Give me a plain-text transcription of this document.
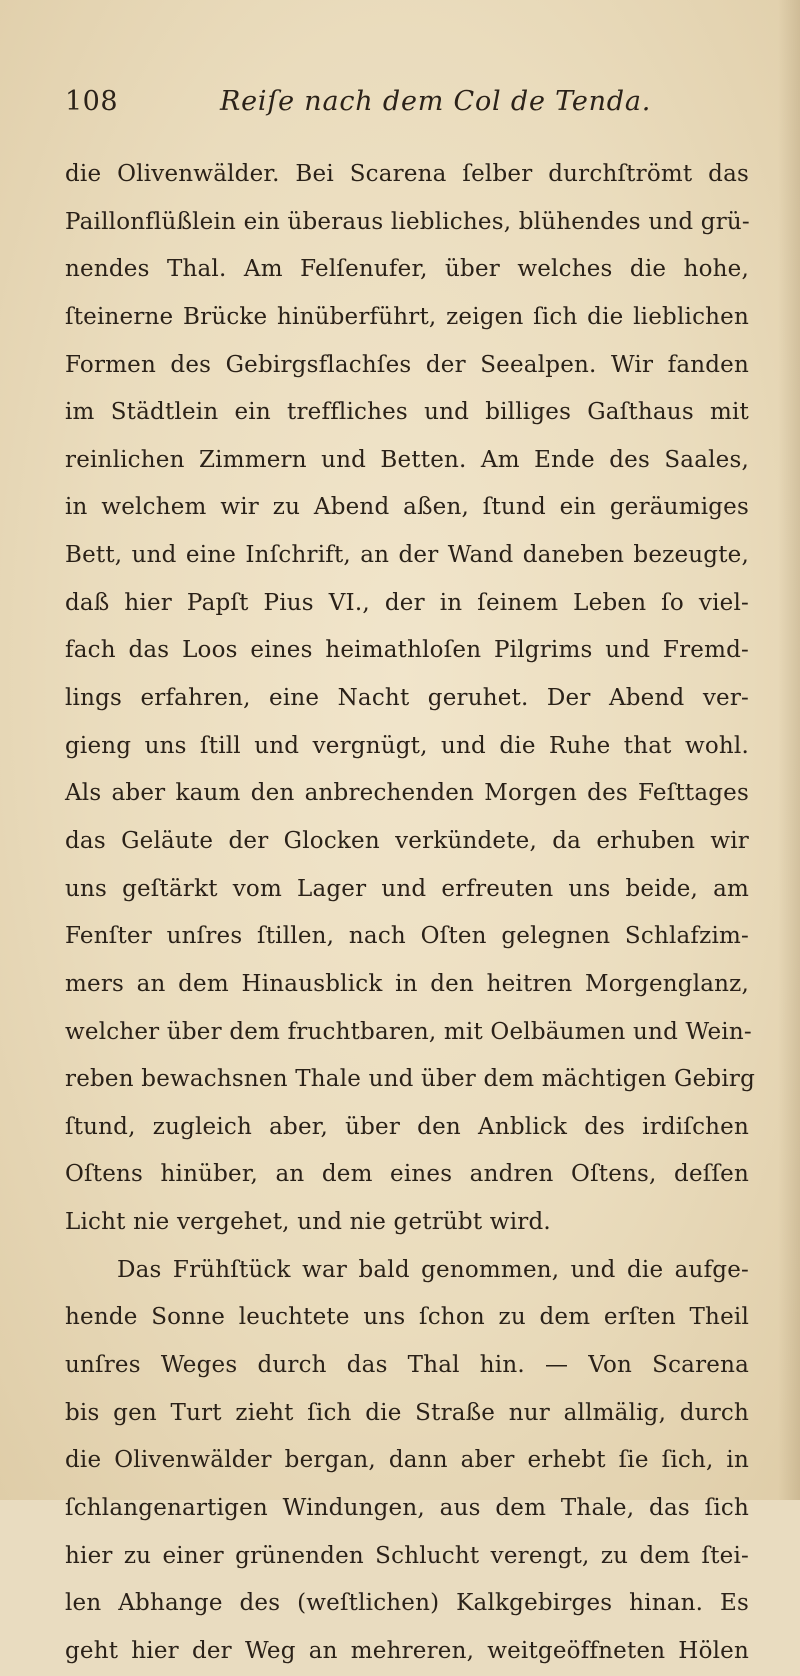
108	Reiſe nach dem Col de Tenda.
die Olivenwälder. Bei Scarena ſelber durchſtrömt das
Paillonflüßlein ein überaus liebliches, blühendes und grü-
nendes Thal. Am Felſenufer, über welches die hohe,
ſteinerne Brücke hinüberführt, zeigen ſich die lieblichen
Formen des Gebirgsflachſes der Seealpen. Wir fanden
im Städtlein ein treffliches und billiges Gaſthaus mit
reinlichen Zimmern und Betten. Am Ende des Saales,
in welchem wir zu Abend aßen, ſtund ein geräumiges
Bett, und eine Inſchrift, an der Wand daneben bezeugte,
daß hier Papſt Pius VI., der in ſeinem Leben ſo viel-
fach das Loos eines heimathloſen Pilgrims und Fremd-
lings erfahren, eine Nacht geruhet. Der Abend ver-
gieng uns ſtill und vergnügt, und die Ruhe that wohl.
Als aber kaum den anbrechenden Morgen des Feſttages
das Geläute der Glocken verkündete, da erhuben wir
uns geſtärkt vom Lager und erfreuten uns beide, am
Fenſter unſres ſtillen, nach Oſten gelegnen Schlafzim-
mers an dem Hinausblick in den heitren Morgenglanz,
welcher über dem fruchtbaren, mit Oelbäumen und Wein-
reben bewachsnen Thale und über dem mächtigen Gebirg
ſtund, zugleich aber, über den Anblick des irdiſchen
Oſtens hinüber, an dem eines andren Oſtens, deſſen
Licht nie vergehet, und nie getrübt wird.
Das Frühſtück war bald genommen, und die aufge-
hende Sonne leuchtete uns ſchon zu dem erſten Theil
unſres Weges durch das Thal hin. — Von Scarena
bis gen Turt zieht ſich die Straße nur allmälig, durch
die Olivenwälder bergan, dann aber erhebt ſie ſich, in
ſchlangenartigen Windungen, aus dem Thale, das ſich
hier zu einer grünenden Schlucht verengt, zu dem ſtei-
len Abhange des (weſtlichen) Kalkgebirges hinan. Es
geht hier der Weg an mehreren, weitgeöffneten Hölen
